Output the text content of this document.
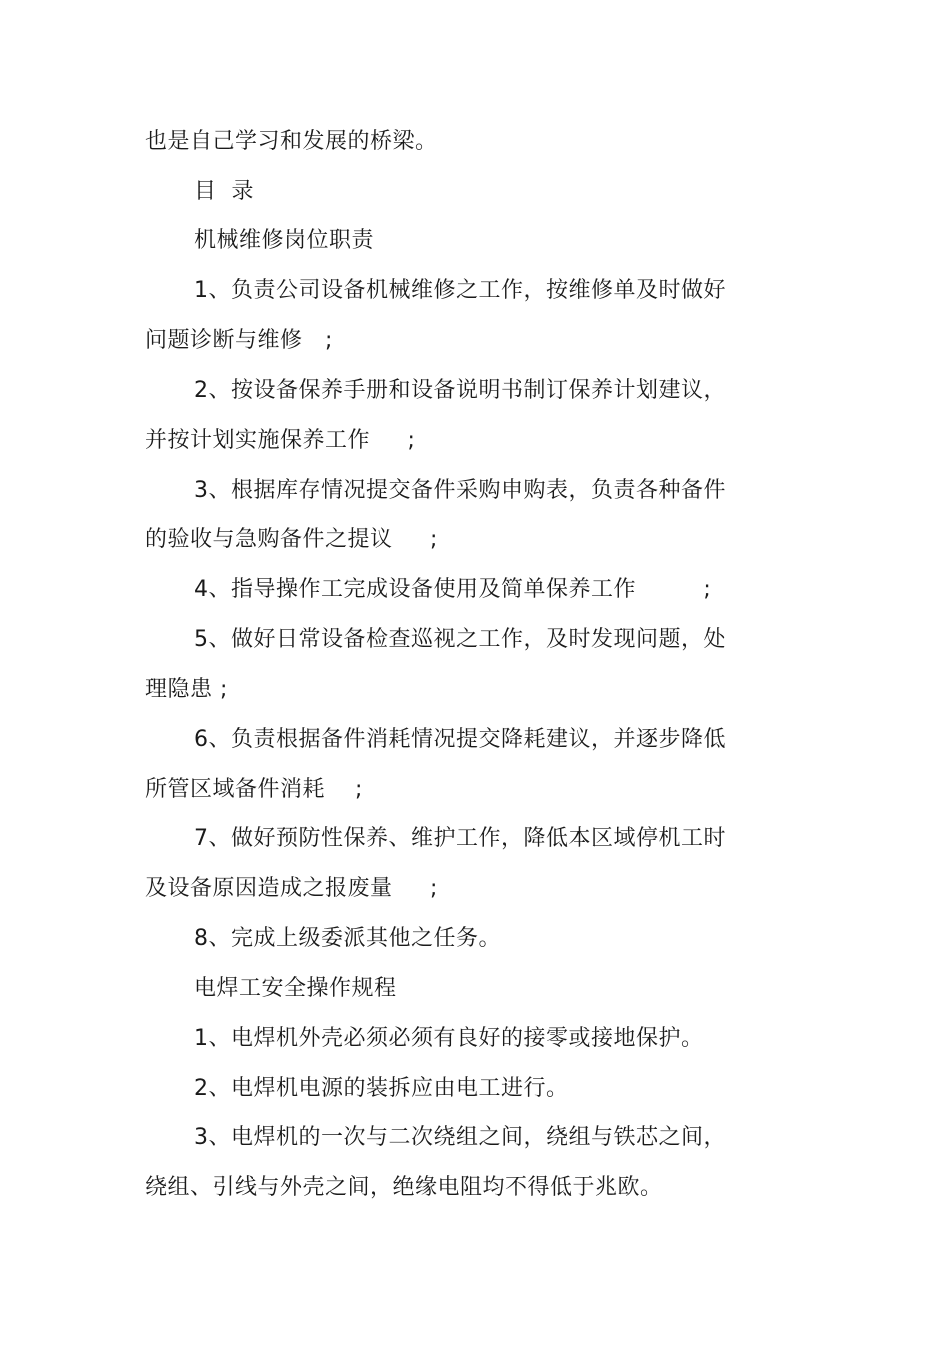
也是自己学习和发展的桥梁。
目  录
机械维修岗位职责
1、负责公司设备机械维修之工作，按维修单及时做好
问题诊断与维修   ;
2、按设备保养手册和设备说明书制订保养计划建议，
并按计划实施保养工作     ;
3、根据库存情况提交备件采购申购表，负责各种备件
的验收与急购备件之提议     ;
4、指导操作工完成设备使用及简单保养工作         ;
5、做好日常设备检查巡视之工作，及时发现问题，处
理隐患 ;
6、负责根据备件消耗情况提交降耗建议，并逐步降低
所管区域备件消耗    ;
7、做好预防性保养、维护工作，降低本区域停机工时
及设备原因造成之报废量     ;
8、完成上级委派其他之任务。
电焊工安全操作规程
1、电焊机外壳必须必须有良好的接零或接地保护。
2、电焊机电源的装拆应由电工进行。
3、电焊机的一次与二次绕组之间，绕组与铁芯之间，
绕组、引线与外壳之间，绝缘电阻均不得低于兆欧。
